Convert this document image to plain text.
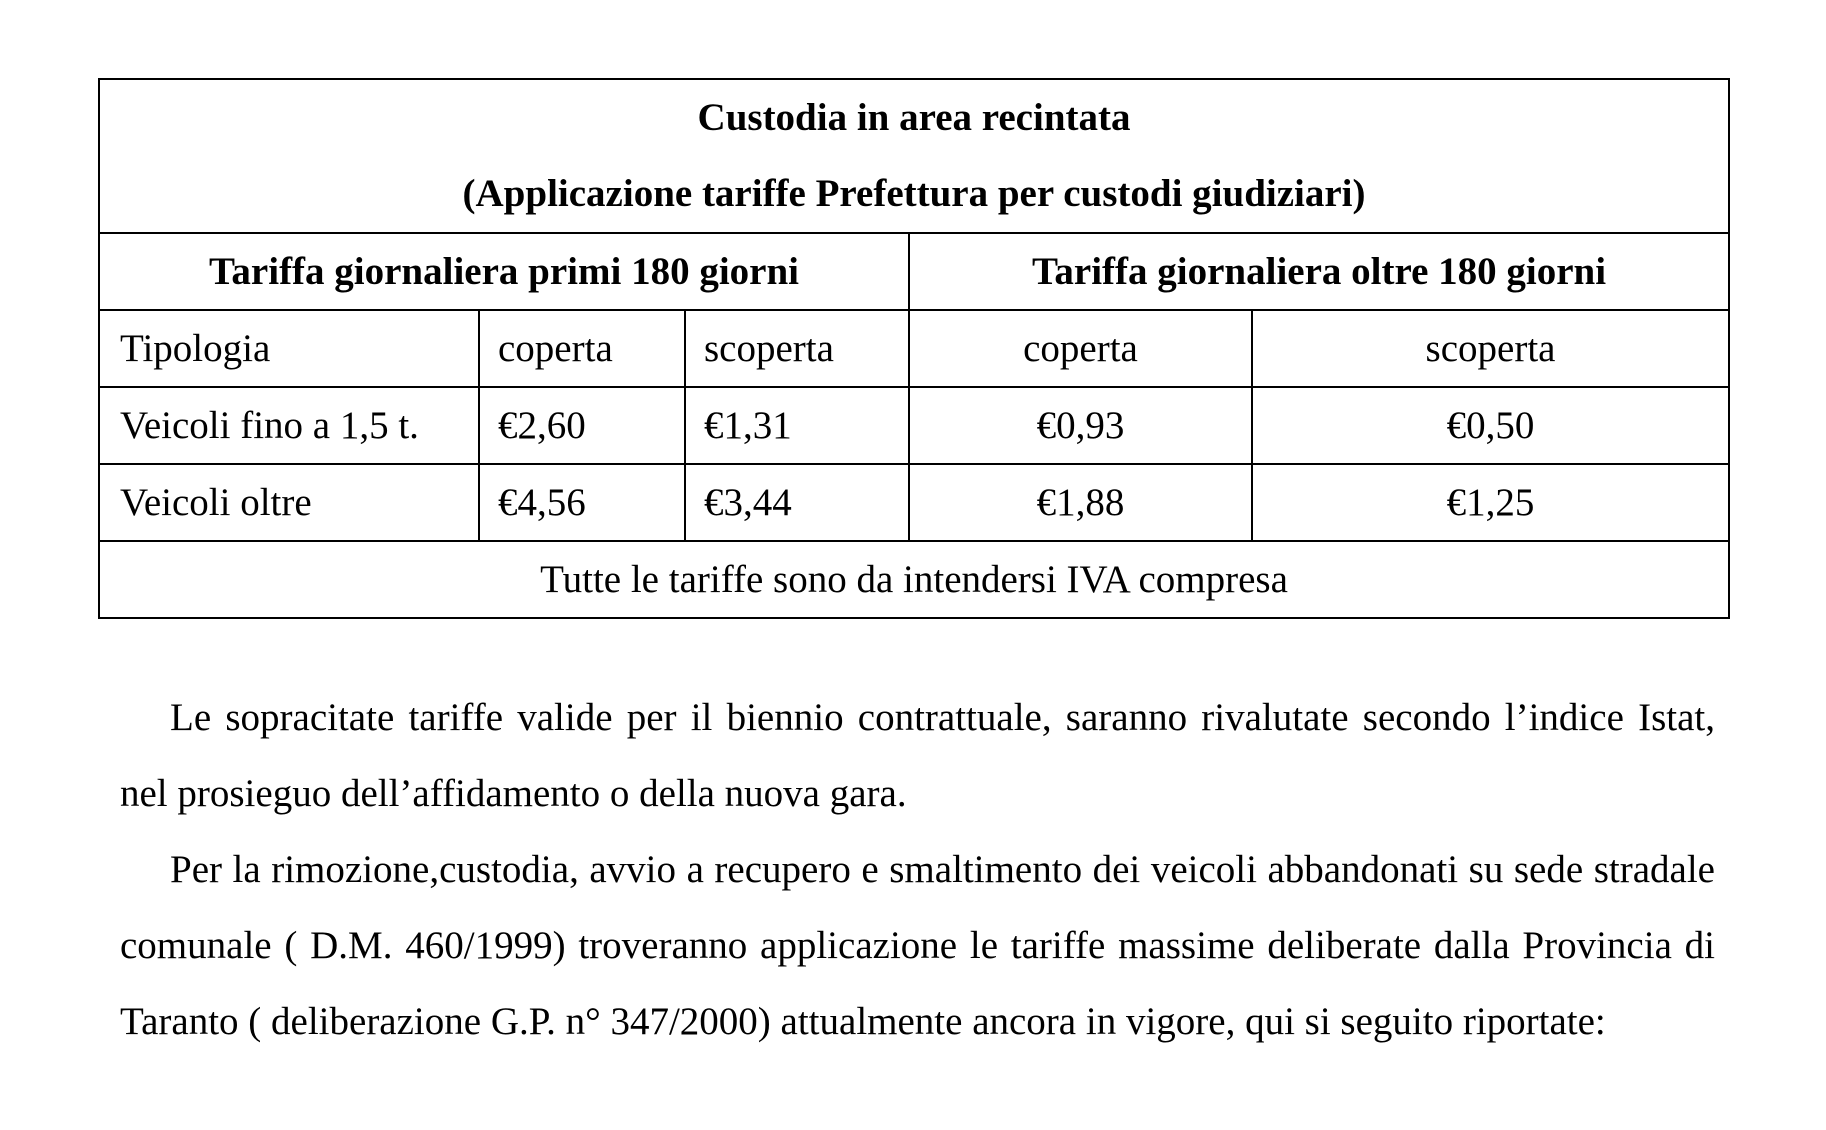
Custodia in area recintata
(Applicazione tariffe Prefettura per custodi giudiziari)				

Tariffa giornaliera primi 180 giorni			Tariffa giornaliera oltre 180 giorni	
Tipologia	coperta	scoperta	coperta	scoperta
Veicoli fino a 1,5 t.	€2,60	€1,31	€0,93	€0,50
Veicoli oltre	€4,56	€3,44	€1,88	€1,25
Tutte le tariffe sono da intendersi IVA compresa				

Le sopracitate tariffe valide per il biennio contrattuale, saranno rivalutate secondo l’indice Istat, nel prosieguo dell’affidamento o della nuova gara.

Per la rimozione,custodia, avvio a recupero e smaltimento dei veicoli abbandonati su sede stradale comunale ( D.M. 460/1999) troveranno applicazione le tariffe massime deliberate dalla Provincia di Taranto ( deliberazione G.P. n° 347/2000) attualmente ancora in vigore, qui si seguito riportate:
